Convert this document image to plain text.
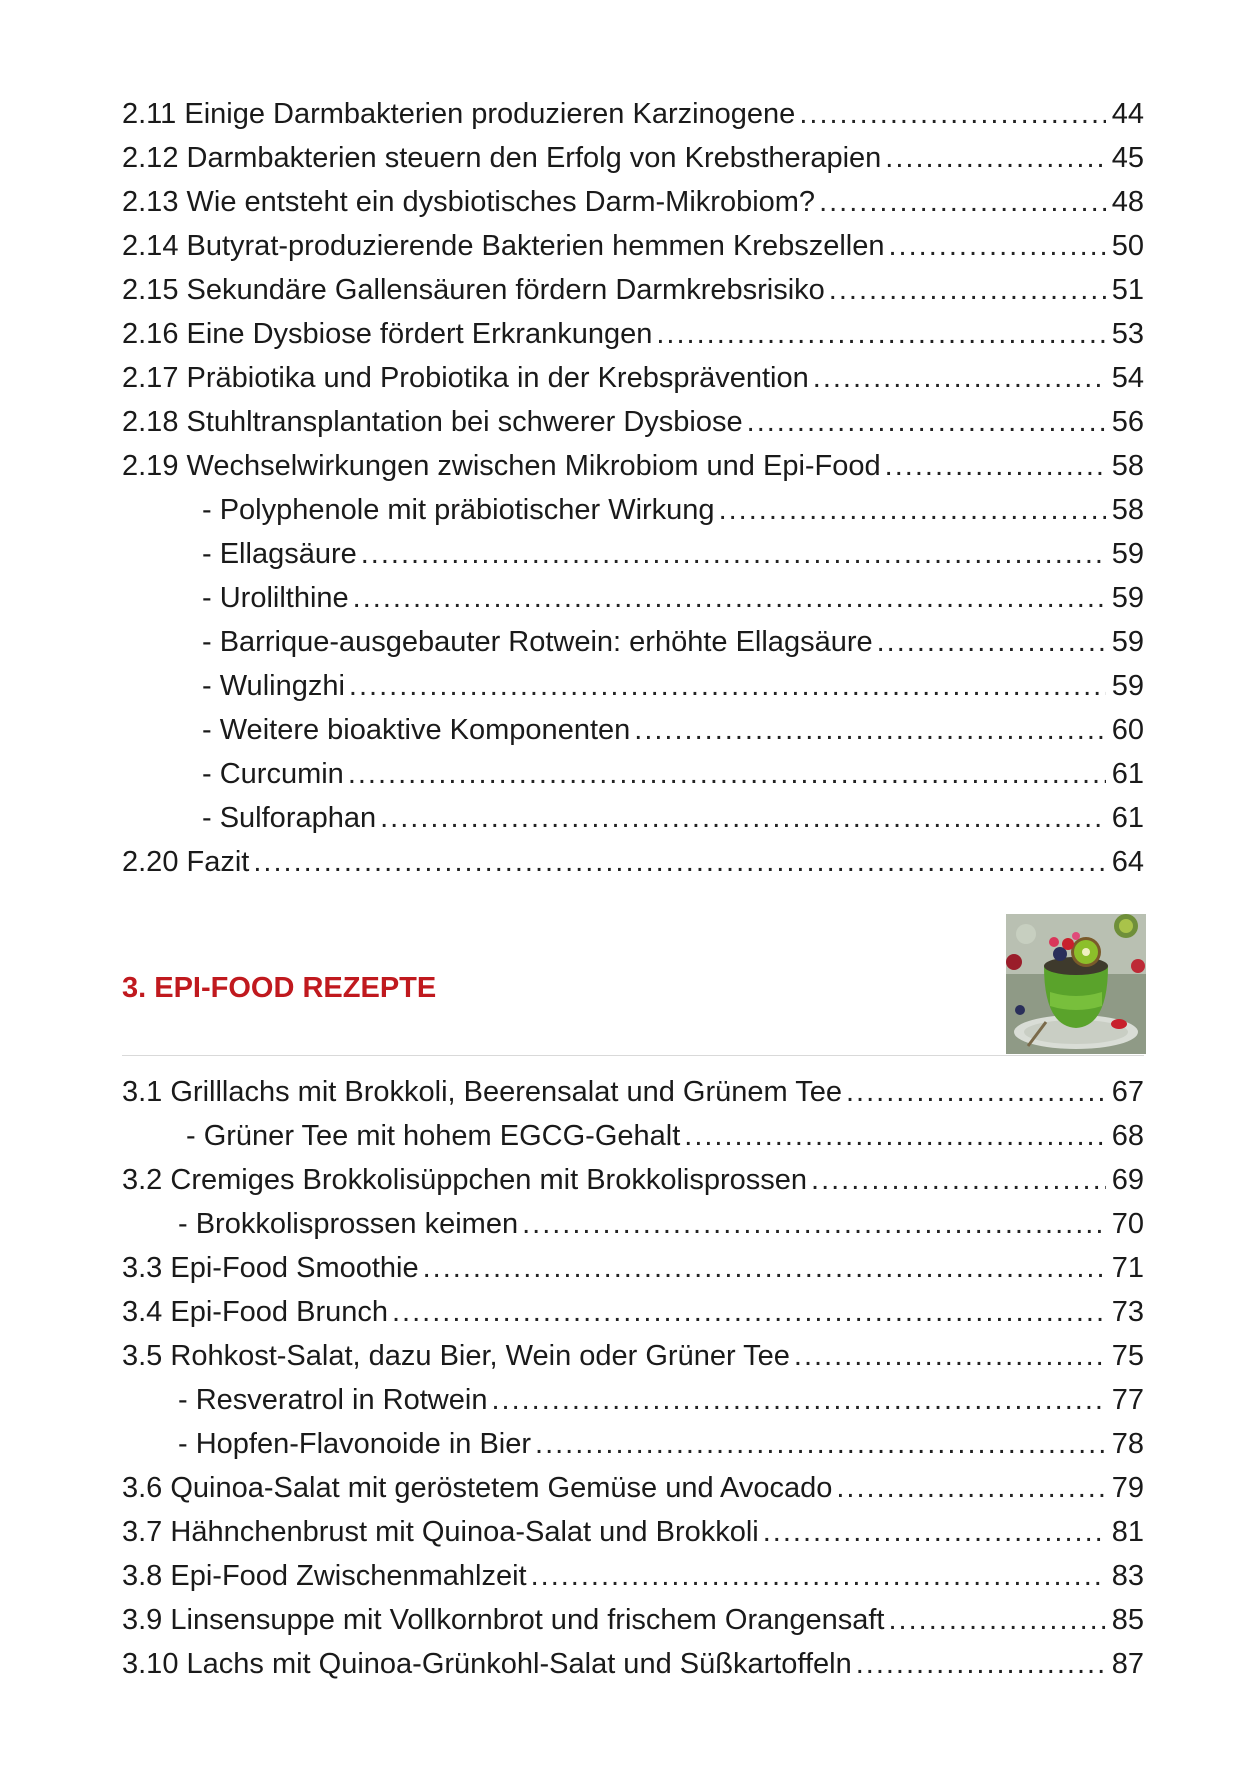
2.11 Einige Darmbakterien produzieren Karzinogene .....	44
2.12 Darmbakterien steuern den Erfolg von Krebstherapien .....	45
2.13 Wie entsteht ein dysbiotisches Darm-Mikrobiom? .....	48
2.14 Butyrat-produzierende Bakterien hemmen Krebszellen .....	50
2.15 Sekundäre Gallensäuren fördern Darmkrebsrisiko .....	51
2.16 Eine Dysbiose fördert Erkrankungen .....	53
2.17 Präbiotika und Probiotika in der Krebsprävention .....	54
2.18 Stuhltransplantation bei schwerer Dysbiose .....	56
2.19 Wechselwirkungen zwischen Mikrobiom und Epi-Food .....	58
- Polyphenole mit präbiotischer Wirkung .....	58
- Ellagsäure .....	59
- Urolilthine .....	59
- Barrique-ausgebauter Rotwein: erhöhte Ellagsäure .....	59
- Wulingzhi .....	59
- Weitere bioaktive Komponenten .....	60
- Curcumin .....	61
- Sulforaphan .....	61
2.20 Fazit .....	64
3. EPI-FOOD REZEPTE
3.1 Grilllachs mit Brokkoli, Beerensalat und Grünem Tee .....	67
- Grüner Tee mit hohem EGCG-Gehalt .....	68
3.2 Cremiges Brokkolisüppchen mit Brokkolisprossen .....	69
- Brokkolisprossen keimen .....	70
3.3 Epi-Food Smoothie .....	71
3.4 Epi-Food Brunch .....	73
3.5 Rohkost-Salat, dazu Bier, Wein oder Grüner Tee .....	75
- Resveratrol in Rotwein .....	77
- Hopfen-Flavonoide in Bier .....	78
3.6 Quinoa-Salat mit geröstetem Gemüse und Avocado .....	79
3.7 Hähnchenbrust mit Quinoa-Salat und Brokkoli .....	81
3.8 Epi-Food Zwischenmahlzeit .....	83
3.9 Linsensuppe mit Vollkornbrot und frischem Orangensaft .....	85
3.10 Lachs mit Quinoa-Grünkohl-Salat und Süßkartoffeln .....	87
